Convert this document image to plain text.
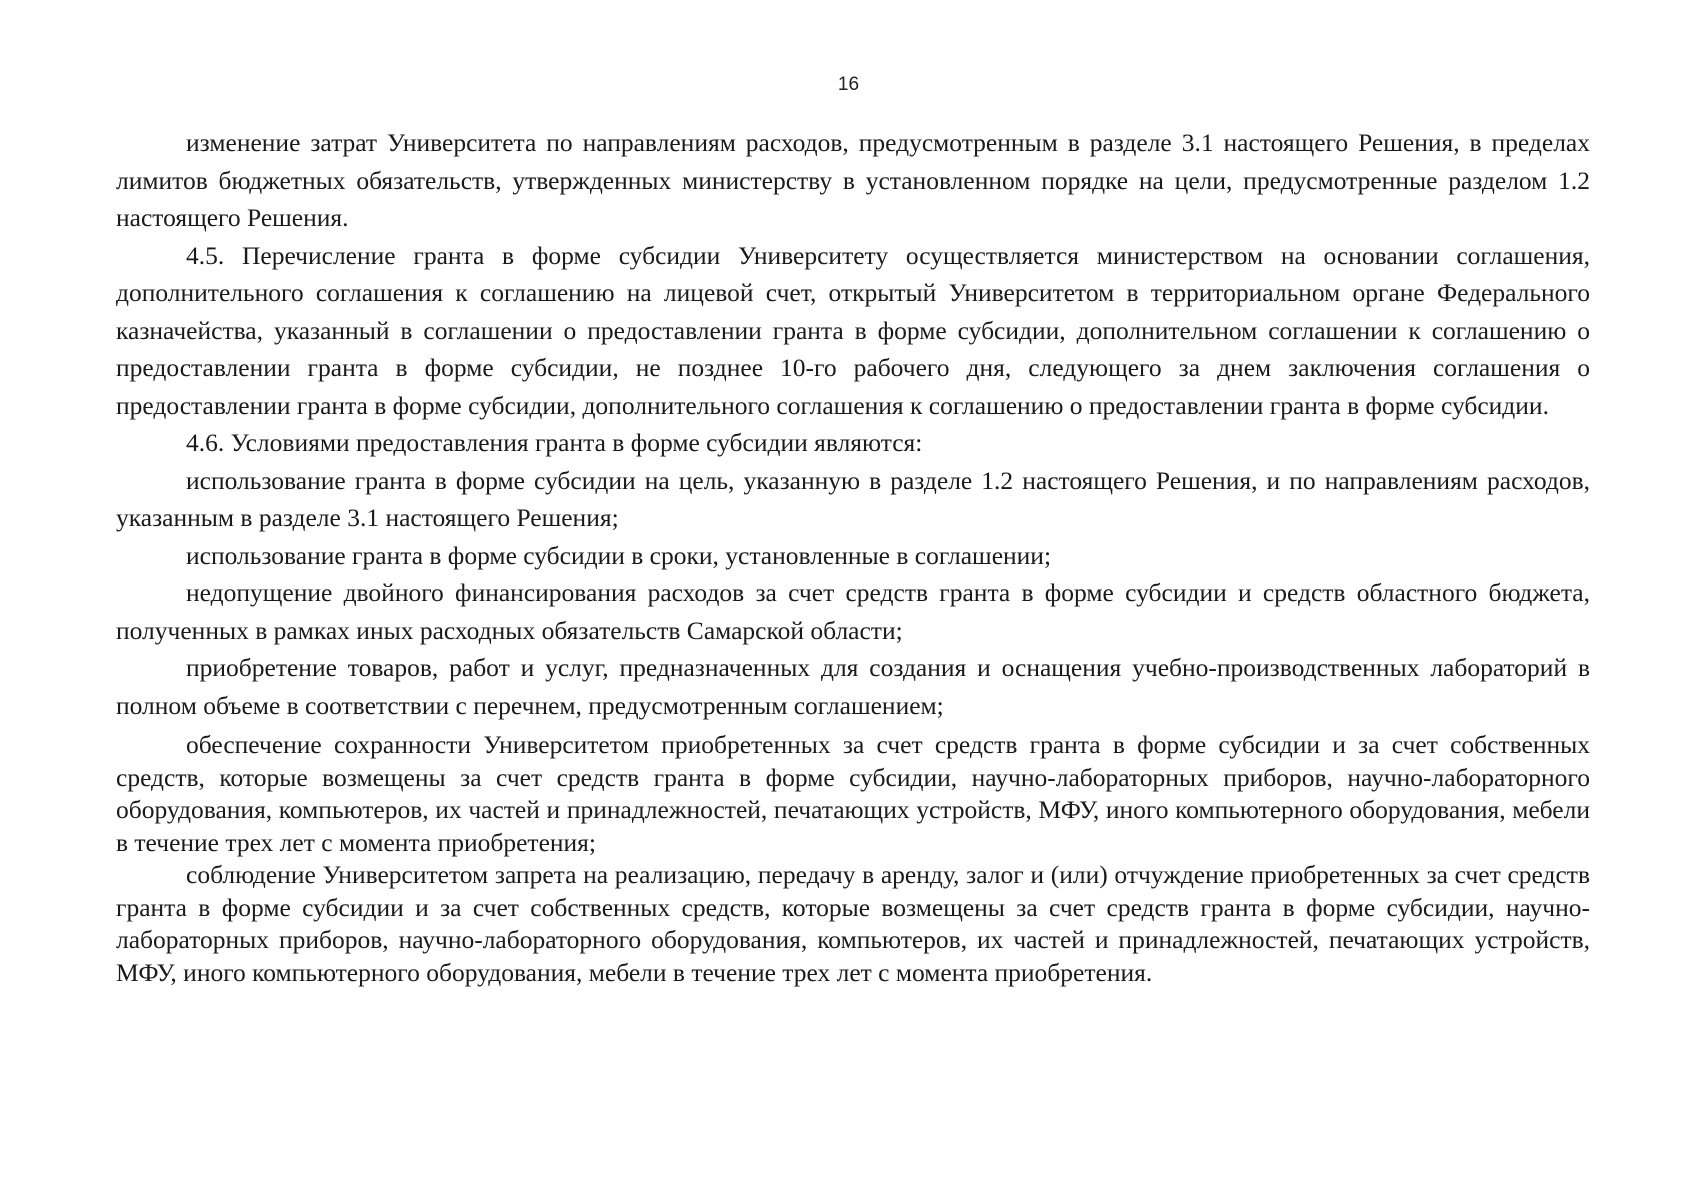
16

изменение затрат Университета по направлениям расходов, предусмотренным в разделе 3.1 настоящего Решения, в пределах лимитов бюджетных обязательств, утвержденных министерству в установленном порядке на цели, предусмотренные разделом 1.2 настоящего Решения.

4.5. Перечисление гранта в форме субсидии Университету осуществляется министерством на основании соглашения, дополнительного соглашения к соглашению на лицевой счет, открытый Университетом в территориальном органе Федерального казначейства, указанный в соглашении о предоставлении гранта в форме субсидии, дополнительном соглашении к соглашению о предоставлении гранта в форме субсидии, не позднее 10-го рабочего дня, следующего за днем заключения соглашения о предоставлении гранта в форме субсидии, дополнительного соглашения к соглашению о предоставлении гранта в форме субсидии.

4.6. Условиями предоставления гранта в форме субсидии являются:

использование гранта в форме субсидии на цель, указанную в разделе 1.2 настоящего Решения, и по направлениям расходов, указанным в разделе 3.1 настоящего Решения;

использование гранта в форме субсидии в сроки, установленные в соглашении;

недопущение двойного финансирования расходов за счет средств гранта в форме субсидии и средств областного бюджета, полученных в рамках иных расходных обязательств Самарской области;

приобретение товаров, работ и услуг, предназначенных для создания и оснащения учебно-производственных лабораторий в полном объеме в соответствии с перечнем, предусмотренным соглашением;

обеспечение сохранности Университетом приобретенных за счет средств гранта в форме субсидии и за счет собственных средств, которые возмещены за счет средств гранта в форме субсидии, научно-лабораторных приборов, научно-лабораторного оборудования, компьютеров, их частей и принадлежностей, печатающих устройств, МФУ, иного компьютерного оборудования, мебели в течение трех лет с момента приобретения;

соблюдение Университетом запрета на реализацию, передачу в аренду, залог и (или) отчуждение приобретенных за счет средств гранта в форме субсидии и за счет собственных средств, которые возмещены за счет средств гранта в форме субсидии, научно-лабораторных приборов, научно-лабораторного оборудования, компьютеров, их частей и принадлежностей, печатающих устройств, МФУ, иного компьютерного оборудования, мебели в течение трех лет с момента приобретения.
